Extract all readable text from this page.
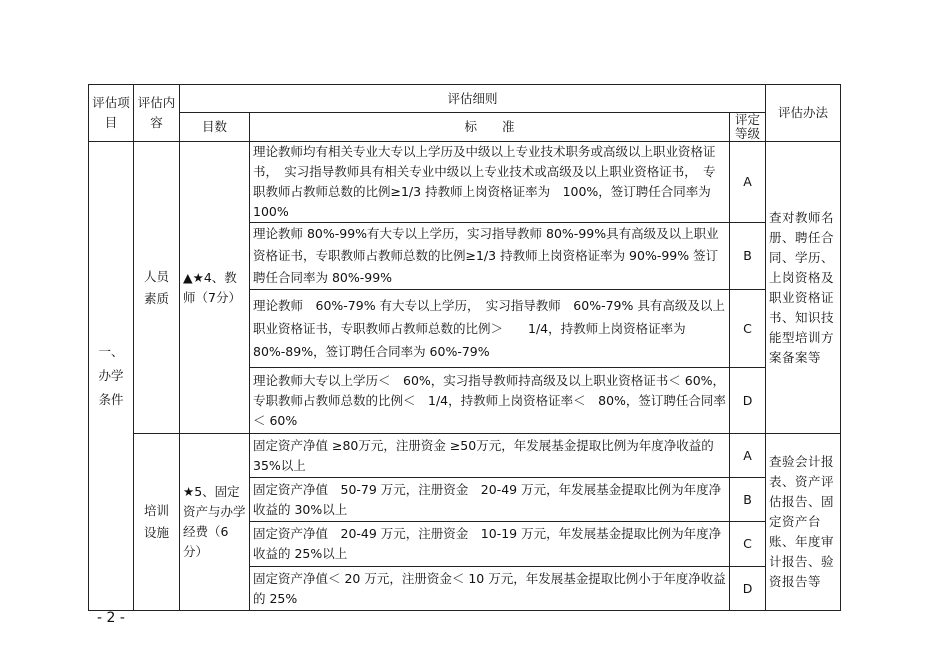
评估项目	评估内容	评估细则			评估办法
		目数	标　　准	评定等级	
一、办学条件	人员素质	▲★4、教师（7分）	理论教师均有相关专业大专以上学历及中级以上专业技术职务或高级以上职业资格证书，　实习指导教师具有相关专业中级以上专业技术或高级及以上职业资格证书，　专职教师占教师总数的比例≥1/3 持教师上岗资格证率为　100%，签订聘任合同率为　100%	A	查对教师名册、聘任合同、学历、上岗资格及职业资格证书、知识技能型培训方案备案等
			理论教师 80%-99%有大专以上学历，实习指导教师 80%-99%具有高级及以上职业资格证书，专职教师占教师总数的比例≥1/3 持教师上岗资格证率为 90%-99% 签订聘任合同率为 80%-99%	B	
			理论教师　60%-79% 有大专以上学历，　实习指导教师　60%-79% 具有高级及以上职业资格证书，专职教师占教师总数的比例＞　　1/4，持教师上岗资格证率为　　80%-89%，签订聘任合同率为 60%-79%	C	
			理论教师大专以上学历＜　60%，实习指导教师持高级及以上职业资格证书＜ 60%，专职教师占教师总数的比例＜　1/4，持教师上岗资格证率＜　80%，签订聘任合同率＜ 60%	D	
	培训设施	★5、固定资产与办学经费（6分）	固定资产净值 ≥80万元，注册资金 ≥50万元，年发展基金提取比例为年度净收益的 35%以上	A	查验会计报表、资产评估报告、固定资产台账、年度审计报告、验资报告等
			固定资产净值　50-79 万元，注册资金　20-49 万元，年发展基金提取比例为年度净收益的 30%以上	B	
			固定资产净值　20-49 万元，注册资金　10-19 万元，年发展基金提取比例为年度净收益的 25%以上	C	
			固定资产净值＜ 20 万元，注册资金＜ 10 万元，年发展基金提取比例小于年度净收益的 25%	D	
- 2 -
